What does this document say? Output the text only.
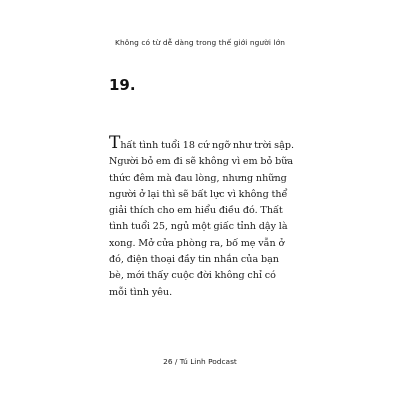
Không có từ dễ dàng trong thế giới người lớn
19.
Thất tình tuổi 18 cứ ngỡ như trời sập.
Người bỏ em đi sẽ không vì em bỏ bữa
thức đêm mà đau lòng, nhưng những
người ở lại thì sẽ bất lực vì không thể
giải thích cho em hiểu điều đó. Thất
tình tuổi 25, ngủ một giấc tỉnh dậy là
xong. Mở cửa phòng ra, bố mẹ vẫn ở
đó, điện thoại đầy tin nhắn của bạn
bè, mới thấy cuộc đời không chỉ có
mỗi tình yêu.
26 / Tú Linh Podcast
